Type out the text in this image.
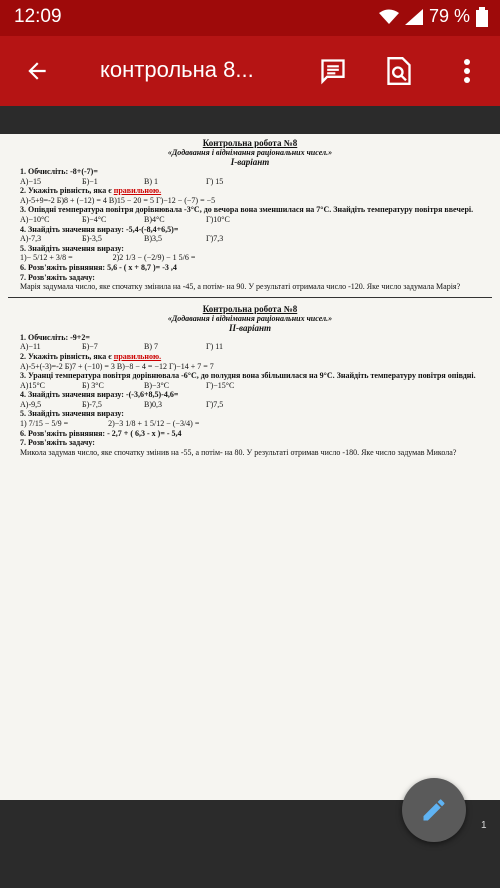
12:09	79 %
контрольна 8...
Контрольна робота №8
«Додавання і віднімання раціональних чисел.»
І-варіант
1. Обчисліть: -8+(-7)=
А)−15	Б)−1	В) 1	Г) 15
2. Укажіть рівність, яка є правильною.
А)-5+9=-2 Б)8 + (−12) = 4 В)15 − 20 = 5 Г)−12 − (−7) = −5
3. Опівдні температура повітря дорівнювала -3°С, до вечора вона зменшилася на 7°С. Знайдіть температуру повітря ввечері.
А)−10°С	Б)−4°С	В)4°С	Г)10°С
4. Знайдіть значення виразу: -5,4-(-8,4+6,5)=
А)-7,3	Б)-3,5	В)3,5	Г)7,3
5. Знайдіть значення виразу:
1)− 5/12 + 3/8 =                    2)2 1/3 − (−2/9) − 1 5/6 =
6. Розв'яжіть рівняння: 5,6 - ( x + 8,7 )= -3 ,4
7. Розв'яжіть задачу:
Марія задумала число, яке спочатку змінила на -45, а потім- на 90. У результаті отримала число -120. Яке число задумала Марія?
Контрольна робота №8
«Додавання і віднімання раціональних чисел.»
ІІ-варіант
1. Обчисліть: -9+2=
А)−11	Б)−7	В) 7	Г) 11
2. Укажіть рівність, яка є правильною.
А)-5+(-3)=-2 Б)7 + (−10) = 3 В)−8 − 4 = −12 Г)−14 + 7 = 7
3. Уранці температура повітря дорівнювала -6°С, до полудня вона збільшилася на 9°С. Знайдіть температуру повітря опівдні.
А)15°С	Б) 3°С	В)−3°С	Г)−15°С
4. Знайдіть значення виразу: -(-3,6+8,5)-4,6=
А)-9,5	Б)-7,5	В)0,3	Г)7,5
5. Знайдіть значення виразу:
1) 7/15 − 5/9 =                    2)−3 1/8 + 1 5/12 − (−3/4) =
6. Розв'яжіть рівняння: - 2,7 + ( 6,3 - x )= - 5,4
7. Розв'яжіть задачу:
Микола задумав число, яке спочатку змінив на -55, а потім- на 80. У результаті отримав число -180. Яке число задумав Микола?
1
